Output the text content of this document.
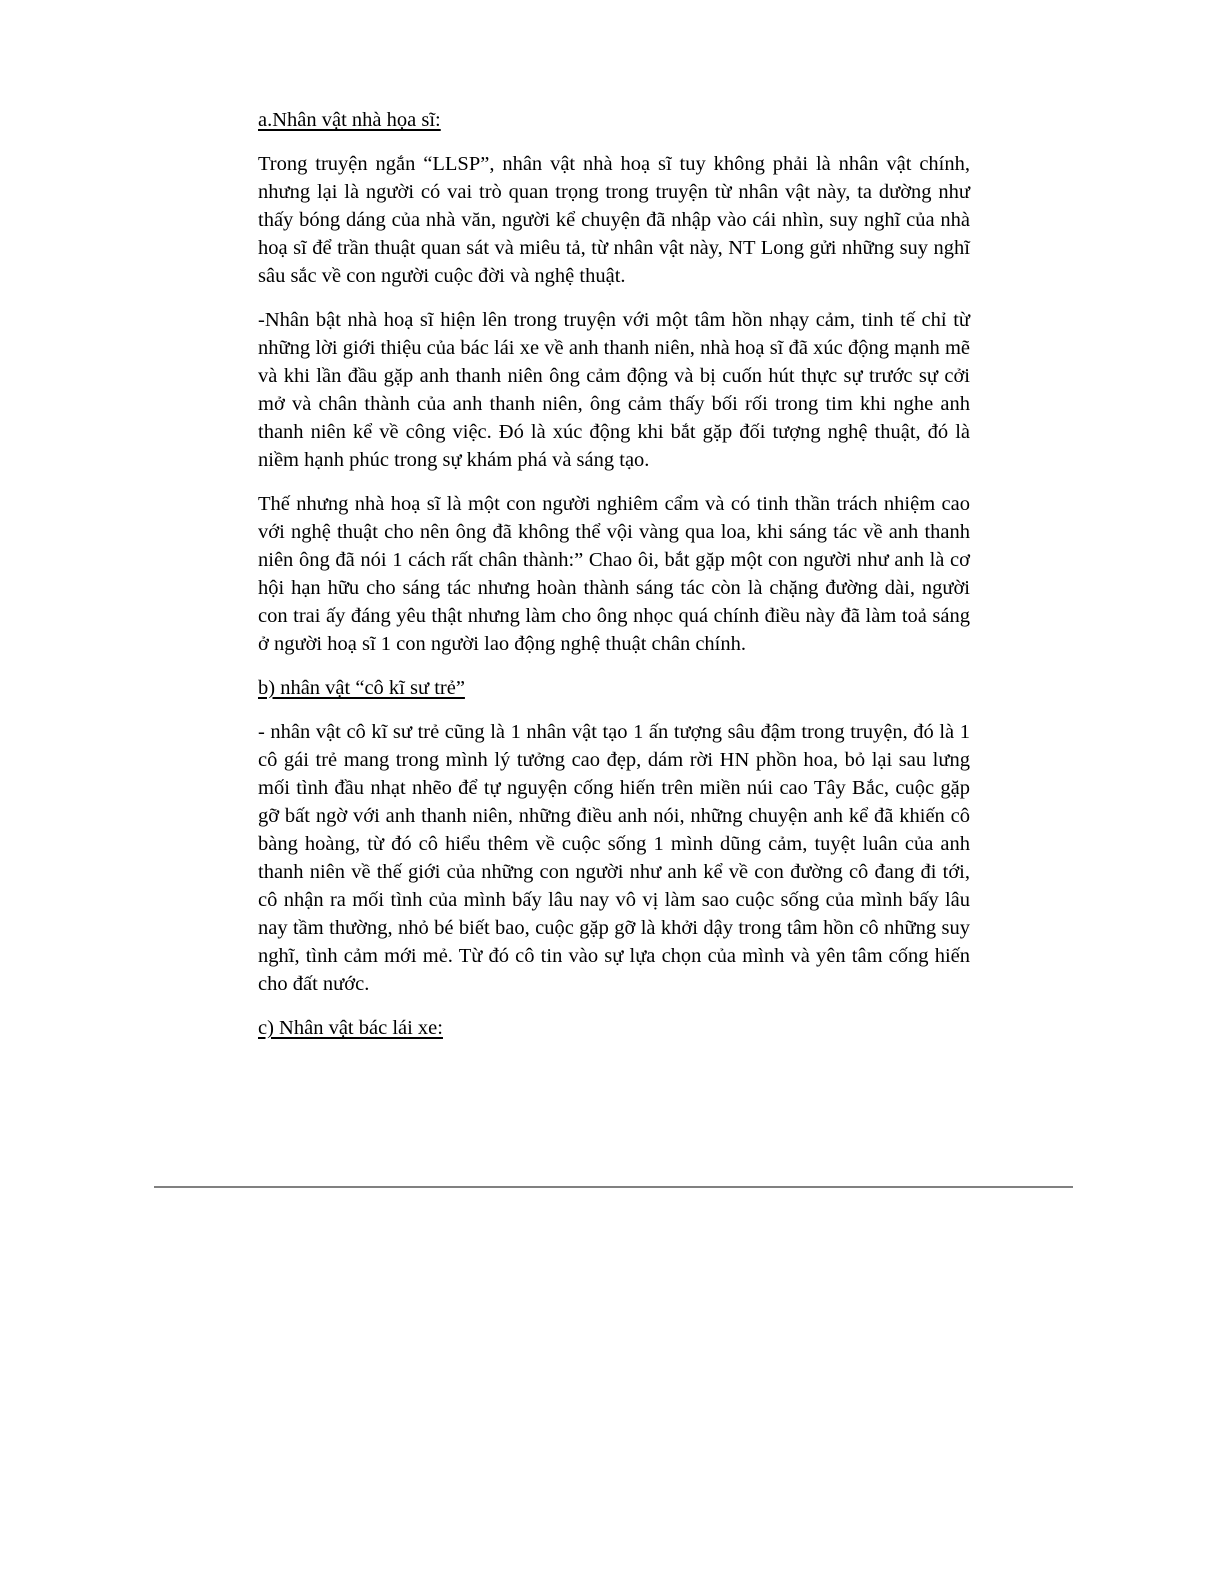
a.Nhân vật nhà họa sĩ:

Trong truyện ngắn “LLSP”, nhân vật nhà hoạ sĩ tuy không phải là nhân vật chính, nhưng lại là người có vai trò quan trọng trong truyện từ nhân vật này, ta dường như thấy bóng dáng của nhà văn, người kể chuyện đã nhập vào cái nhìn, suy nghĩ của nhà hoạ sĩ để trần thuật quan sát và miêu tả, từ nhân vật này, NT Long gửi những suy nghĩ sâu sắc về con người cuộc đời và nghệ thuật.

-Nhân bật nhà hoạ sĩ hiện lên trong truyện với một tâm hồn nhạy cảm, tinh tế chỉ từ những lời giới thiệu của bác lái xe về anh thanh niên, nhà hoạ sĩ đã xúc động mạnh mẽ và khi lần đầu gặp anh thanh niên ông cảm động và bị cuốn hút thực sự trước sự cởi mở và chân thành của anh thanh niên, ông cảm thấy bối rối trong tim khi nghe anh thanh niên kể về công việc. Đó là xúc động khi bắt gặp đối tượng nghệ thuật, đó là niềm hạnh phúc trong sự khám phá và sáng tạo.

Thế nhưng nhà hoạ sĩ là một con người nghiêm cẩm và có tinh thần trách nhiệm cao với nghệ thuật cho nên ông đã không thể vội vàng qua loa, khi sáng tác về anh thanh niên ông đã nói 1 cách rất chân thành:” Chao ôi, bắt gặp một con người như anh là cơ hội hạn hữu cho sáng tác nhưng hoàn thành sáng tác còn là chặng đường dài, người con trai ấy đáng yêu thật nhưng làm cho ông nhọc quá chính điều này đã làm toả sáng ở người hoạ sĩ 1 con người lao động nghệ thuật chân chính.

b) nhân vật “cô kĩ sư trẻ”

- nhân vật cô kĩ sư trẻ cũng là 1 nhân vật tạo 1 ấn tượng sâu đậm trong truyện, đó là 1 cô gái trẻ mang trong mình lý tưởng cao đẹp, dám rời HN phồn hoa, bỏ lại sau lưng mối tình đầu nhạt nhẽo để tự nguyện cống hiến trên miền núi cao Tây Bắc, cuộc gặp gỡ bất ngờ với anh thanh niên, những điều anh nói, những chuyện anh kể đã khiến cô bàng hoàng, từ đó cô hiểu thêm về cuộc sống 1 mình dũng cảm, tuyệt luân của anh thanh niên về thế giới của những con người như anh kể về con đường cô đang đi tới, cô nhận ra mối tình của mình bấy lâu nay vô vị làm sao cuộc sống của mình bấy lâu nay tầm thường, nhỏ bé biết bao, cuộc gặp gỡ là khởi dậy trong tâm hồn cô những suy nghĩ, tình cảm mới mẻ. Từ đó cô tin vào sự lựa chọn của mình và yên tâm cống hiến cho đất nước.

c) Nhân vật bác lái xe:
